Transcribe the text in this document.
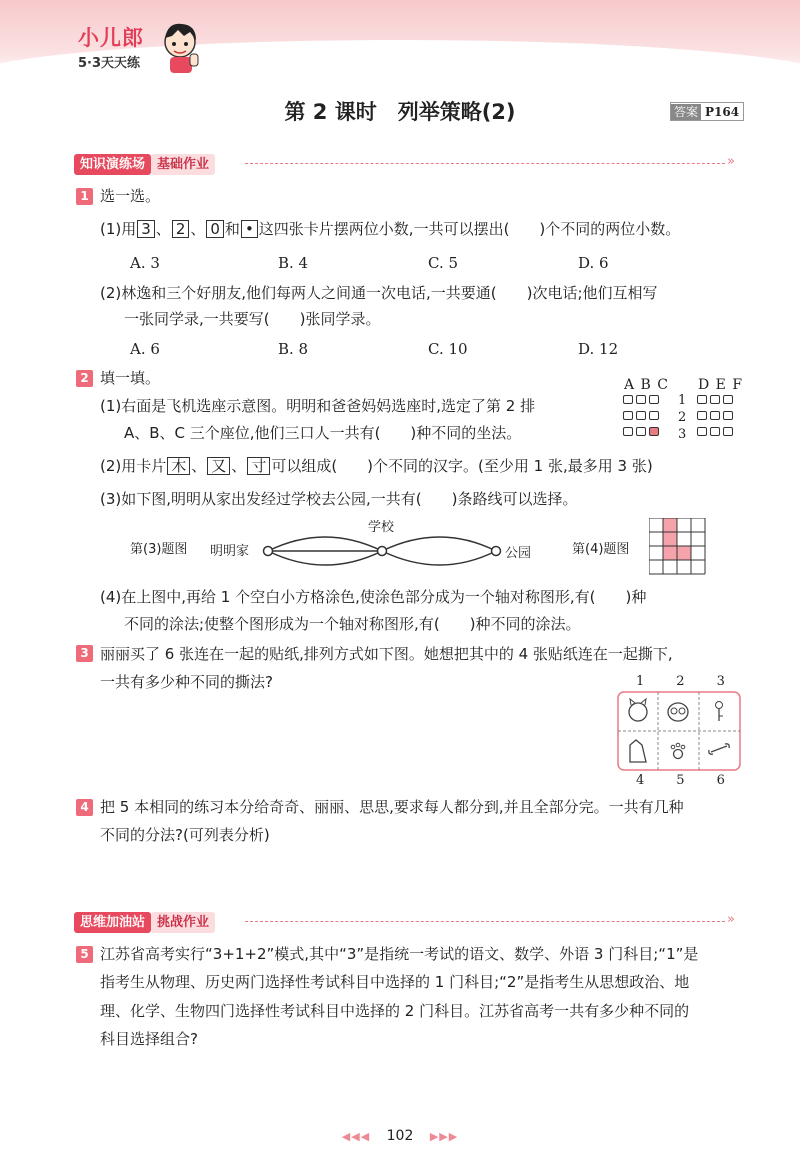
小儿郎
5·3天天练
第 2 课时　列举策略(2)	答案 P164
知识演练场 基础作业	»
1 选一选。
(1)用 3 、 2 、 0 和 • 这四张卡片摆两位小数,一共可以摆出(　　)个不同的两位小数。
A. 3	B. 4	C. 5	D. 6
(2)林逸和三个好朋友,他们每两人之间通一次电话,一共要通(　　)次电话;他们互相写
一张同学录,一共要写(　　)张同学录。
A. 6	B. 8	C. 10	D. 12
2 填一填。
(1)右面是飞机选座示意图。明明和爸爸妈妈选座时,选定了第 2 排
A、B、C 三个座位,他们三口人一共有(　　)种不同的坐法。
A B C D E F
1
2
3
(2)用卡片 木 、 又 、 寸 可以组成(　　)个不同的汉字。(至少用 1 张,最多用 3 张)
(3)如下图,明明从家出发经过学校去公园,一共有(　　)条路线可以选择。
第(3)题图 明明家
学校
公园	第(4)题图
(4)在上图中,再给 1 个空白小方格涂色,使涂色部分成为一个轴对称图形,有(　　)种
不同的涂法;使整个图形成为一个轴对称图形,有(　　)种不同的涂法。
3 丽丽买了 6 张连在一起的贴纸,排列方式如下图。她想把其中的 4 张贴纸连在一起撕下,
一共有多少种不同的撕法?	1 2 3
4 5 6
4 把 5 本相同的练习本分给奇奇、丽丽、思思,要求每人都分到,并且全部分完。一共有几种
不同的分法?(可列表分析)
思维加油站 挑战作业	»
5 江苏省高考实行“3+1+2”模式,其中“3”是指统一考试的语文、数学、外语 3 门科目;“1”是
指考生从物理、历史两门选择性考试科目中选择的 1 门科目;“2”是指考生从思想政治、地
理、化学、生物四门选择性考试科目中选择的 2 门科目。江苏省高考一共有多少种不同的
科目选择组合?
◀◀◀ 102 ▶▶▶
